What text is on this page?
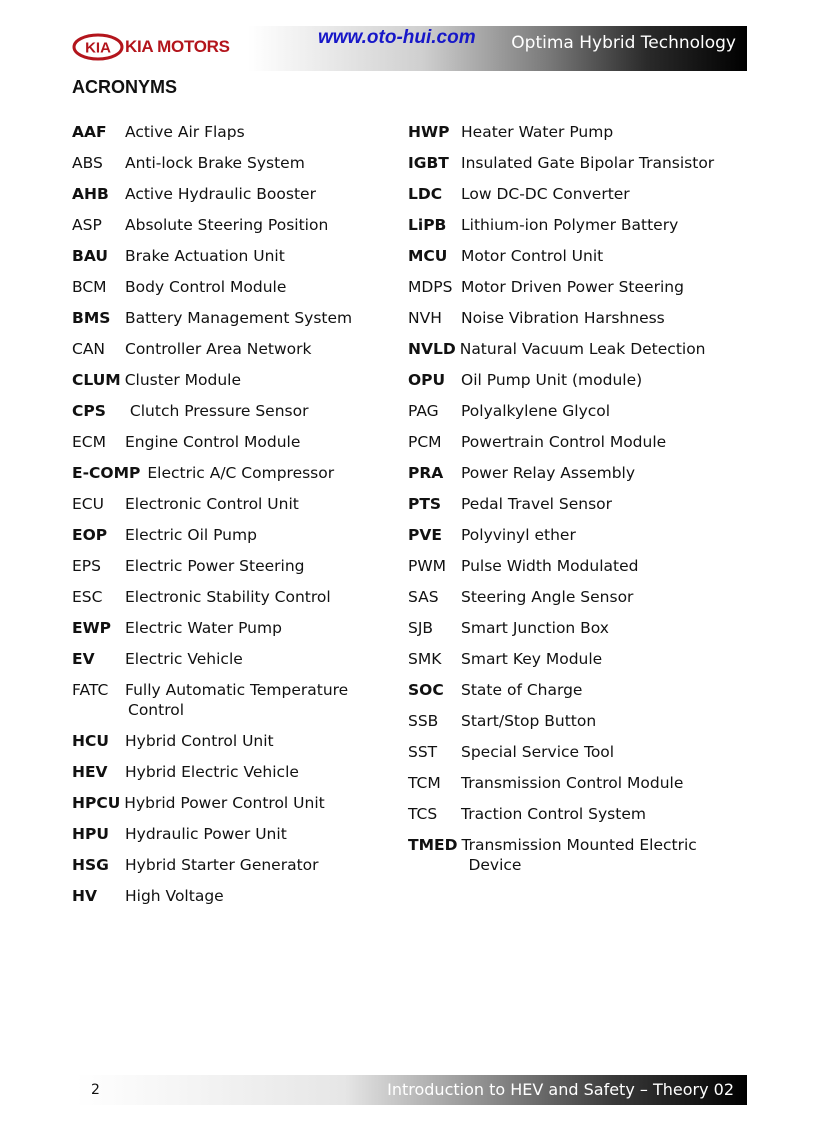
KIA KIA MOTORS	www.oto-hui.com Optima Hybrid Technology
ACRONYMS
AAF	Active Air Flaps
ABS	Anti-lock Brake System
AHB	Active Hydraulic Booster
ASP	Absolute Steering Position
BAU	Brake Actuation Unit
BCM	Body Control Module
BMS Battery Management System
CAN	Controller Area Network
CLUM Cluster Module
CPS	Clutch Pressure Sensor
ECM	Engine Control Module
E-COMP Electric A/C Compressor
ECU	Electronic Control Unit
EOP	Electric Oil Pump
EPS	Electric Power Steering
ESC	Electronic Stability Control
EWP Electric Water Pump
EV	Electric Vehicle
FATC	Fully Automatic Temperature
Control
HCU	Hybrid Control Unit
HEV	Hybrid Electric Vehicle
HPCU Hybrid Power Control Unit
HPU	Hydraulic Power Unit
HSG	Hybrid Starter Generator
HV	High Voltage
HWP Heater Water Pump
IGBT Insulated Gate Bipolar Transistor
LDC	Low DC-DC Converter
LiPB Lithium-ion Polymer Battery
MCU Motor Control Unit
MDPS Motor Driven Power Steering
NVH	Noise Vibration Harshness
NVLD Natural Vacuum Leak Detection
OPU	Oil Pump Unit (module)
PAG	Polyalkylene Glycol
PCM	Powertrain Control Module
PRA	Power Relay Assembly
PTS	Pedal Travel Sensor
PVE	Polyvinyl ether
PWM Pulse Width Modulated
SAS	Steering Angle Sensor
SJB	Smart Junction Box
SMK	Smart Key Module
SOC	State of Charge
SSB	Start/Stop Button
SST	Special Service Tool
TCM	Transmission Control Module
TCS	Traction Control System
TMED Transmission Mounted Electric
Device
2	Introduction to HEV and Safety – Theory 02
